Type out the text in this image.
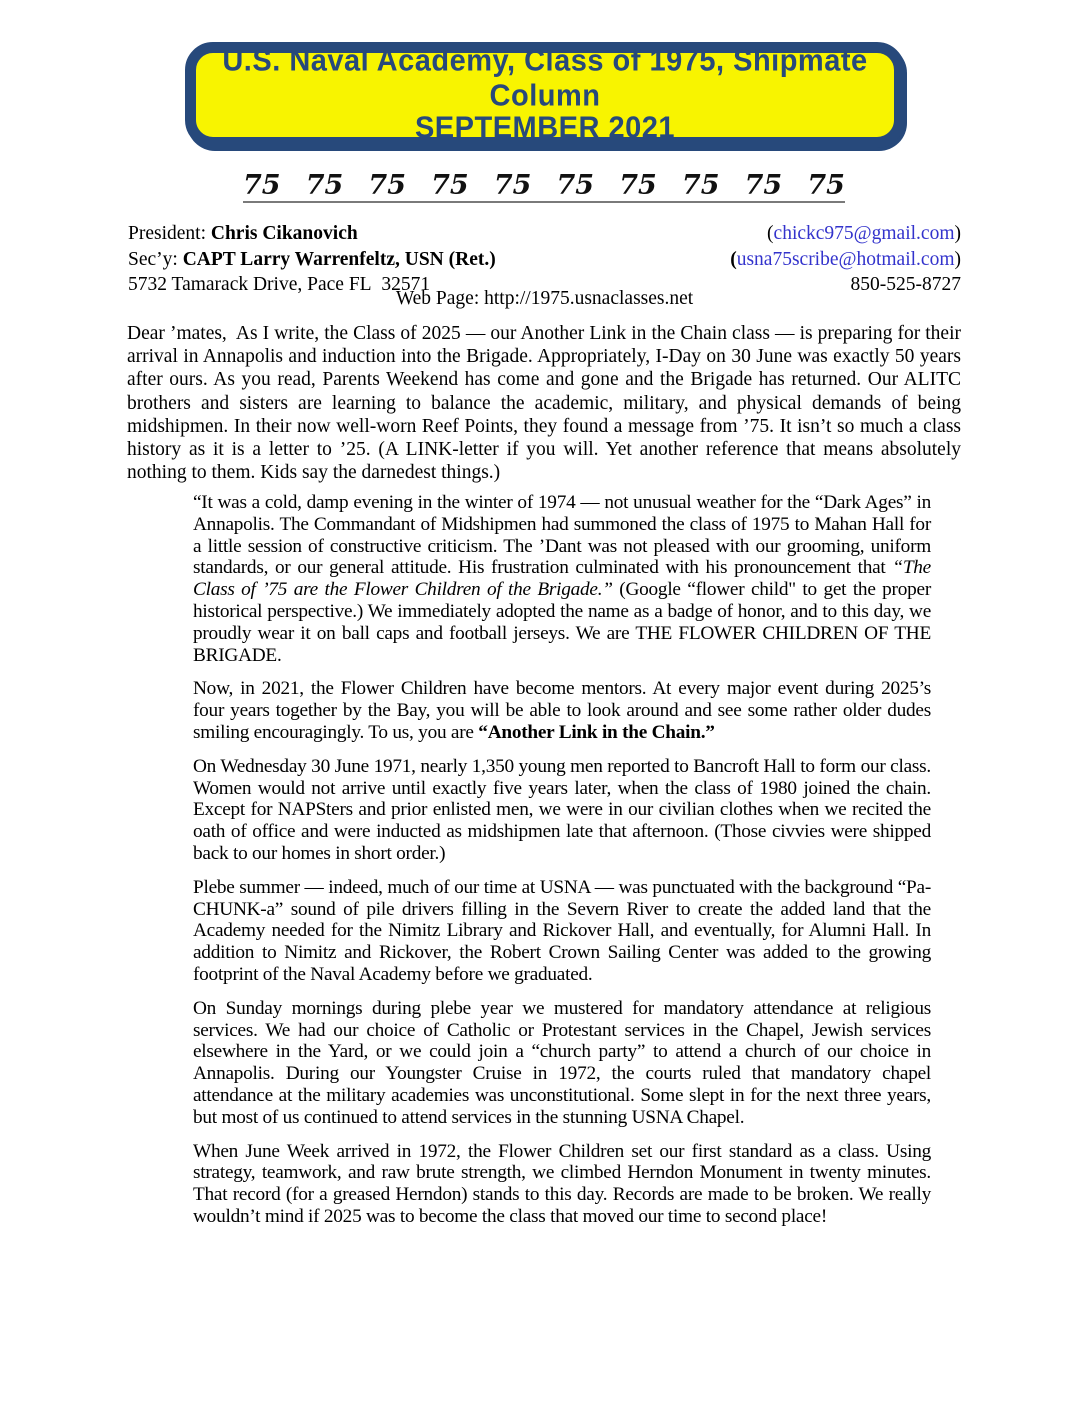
U.S. Naval Academy, Class of 1975, Shipmate Column
SEPTEMBER 2021
75 75 75 75 75 75 75 75 75 75
President: Chris Cikanovich	(chickc975@gmail.com)
Sec’y: CAPT Larry Warrenfeltz, USN (Ret.)	(usna75scribe@hotmail.com)
5732 Tamarack Drive, Pace FL  32571	850-525-8727
Web Page: http://1975.usnaclasses.net
Dear ’mates,  As I write, the Class of 2025 — our Another Link in the Chain class — is preparing for their arrival in Annapolis and induction into the Brigade. Appropriately, I-Day on 30 June was exactly 50 years after ours. As you read, Parents Weekend has come and gone and the Brigade has returned. Our ALITC brothers and sisters are learning to balance the academic, military, and physical demands of being midshipmen. In their now well-worn Reef Points, they found a message from ’75. It isn’t so much a class history as it is a letter to ’25. (A LINK-letter if you will. Yet another reference that means absolutely nothing to them. Kids say the darnedest things.)

“It was a cold, damp evening in the winter of 1974 — not unusual weather for the “Dark Ages” in Annapolis. The Commandant of Midshipmen had summoned the class of 1975 to Mahan Hall for a little session of constructive criticism. The ’Dant was not pleased with our grooming, uniform standards, or our general attitude. His frustration culminated with his pronouncement that “The Class of ’75 are the Flower Children of the Brigade.” (Google “flower child" to get the proper historical perspective.) We immediately adopted the name as a badge of honor, and to this day, we proudly wear it on ball caps and football jerseys. We are THE FLOWER CHILDREN OF THE BRIGADE.

Now, in 2021, the Flower Children have become mentors. At every major event during 2025’s four years together by the Bay, you will be able to look around and see some rather older dudes smiling encouragingly. To us, you are “Another Link in the Chain.”

On Wednesday 30 June 1971, nearly 1,350 young men reported to Bancroft Hall to form our class. Women would not arrive until exactly five years later, when the class of 1980 joined the chain. Except for NAPSters and prior enlisted men, we were in our civilian clothes when we recited the oath of office and were inducted as midshipmen late that afternoon. (Those civvies were shipped back to our homes in short order.)

Plebe summer — indeed, much of our time at USNA — was punctuated with the background “Pa-CHUNK-a” sound of pile drivers filling in the Severn River to create the added land that the Academy needed for the Nimitz Library and Rickover Hall, and eventually, for Alumni Hall. In addition to Nimitz and Rickover, the Robert Crown Sailing Center was added to the growing footprint of the Naval Academy before we graduated.

On Sunday mornings during plebe year we mustered for mandatory attendance at religious services. We had our choice of Catholic or Protestant services in the Chapel, Jewish services elsewhere in the Yard, or we could join a “church party” to attend a church of our choice in Annapolis. During our Youngster Cruise in 1972, the courts ruled that mandatory chapel attendance at the military academies was unconstitutional. Some slept in for the next three years, but most of us continued to attend services in the stunning USNA Chapel.

When June Week arrived in 1972, the Flower Children set our first standard as a class. Using strategy, teamwork, and raw brute strength, we climbed Herndon Monument in twenty minutes. That record (for a greased Herndon) stands to this day. Records are made to be broken. We really wouldn’t mind if 2025 was to become the class that moved our time to second place!
